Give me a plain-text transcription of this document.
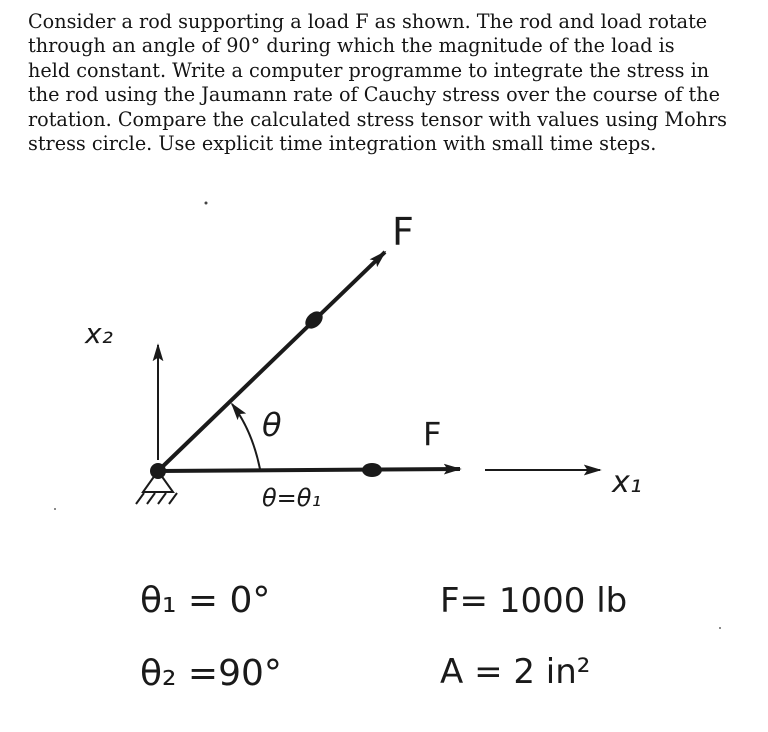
Consider a rod supporting a load F as shown. The rod and load rotate
through an angle of 90° during which the magnitude of the load is
held constant. Write a computer programme to integrate the stress in
the rod using the Jaumann rate of Cauchy stress over the course of the
rotation. Compare the calculated stress tensor with values using Mohrs
stress circle. Use explicit time integration with small time steps.
x₂
x₁
F
F
θ
θ=θ₁
θ₁ = 0°
θ₂ =90°
F= 1000 lb
A = 2 in²
